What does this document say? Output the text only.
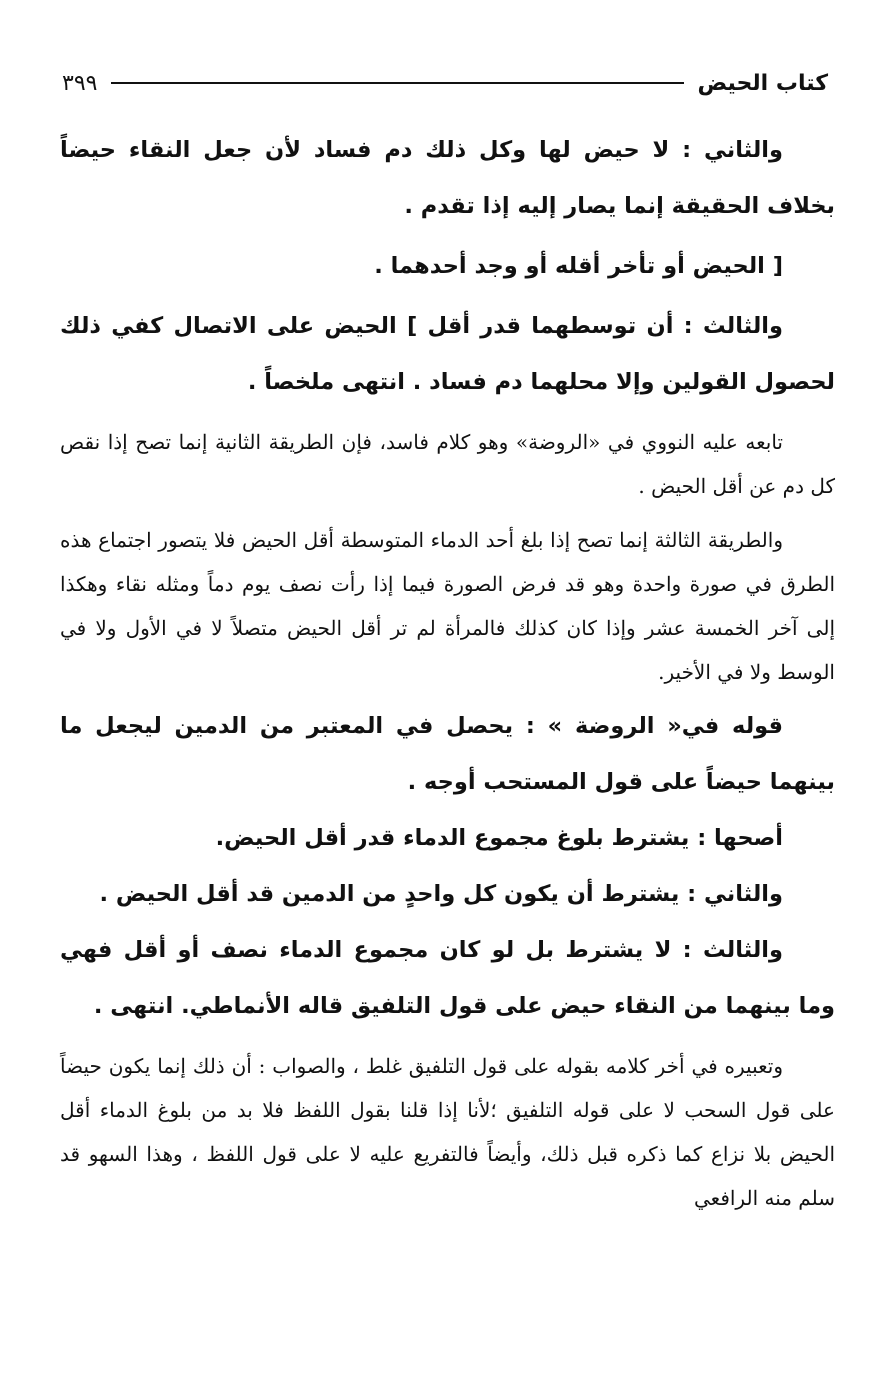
كتاب الحيض
٣٩٩

والثاني : لا حيض لها وكل ذلك دم فساد لأن جعل النقاء حيضاً بخلاف الحقيقة إنما يصار إليه إذا تقدم .

[ الحيض أو تأخر أقله أو وجد أحدهما .

والثالث : أن توسطهما قدر أقل ] الحيض على الاتصال كفي ذلك لحصول القولين وإلا محلهما دم فساد . انتهى ملخصاً .

تابعه عليه النووي في «الروضة» وهو كلام فاسد، فإن الطريقة الثانية إنما تصح إذا نقص كل دم عن أقل الحيض .

والطريقة الثالثة إنما تصح إذا بلغ أحد الدماء المتوسطة أقل الحيض فلا يتصور اجتماع هذه الطرق في صورة واحدة وهو قد فرض الصورة فيما إذا رأت نصف يوم دماً ومثله نقاء وهكذا إلى آخر الخمسة عشر وإذا كان كذلك فالمرأة لم تر أقل الحيض متصلاً لا في الأول ولا في الوسط ولا في الأخير.

قوله في« الروضة » : يحصل في المعتبر من الدمين ليجعل ما بينهما حيضاً على قول المستحب أوجه .

أصحها : يشترط بلوغ مجموع الدماء قدر أقل الحيض.

والثاني : يشترط أن يكون كل واحدٍ من الدمين قد أقل الحيض .

والثالث : لا يشترط بل لو كان مجموع الدماء نصف أو أقل فهي وما بينهما من النقاء حيض على قول التلفيق قاله الأنماطي. انتهى .

وتعبيره في أخر كلامه بقوله على قول التلفيق غلط ، والصواب : أن ذلك إنما يكون حيضاً على قول السحب لا على قوله التلفيق ؛لأنا إذا قلنا بقول اللفظ فلا بد من بلوغ الدماء أقل الحيض بلا نزاع كما ذكره قبل ذلك، وأيضاً فالتفريع عليه لا على قول اللفظ ، وهذا السهو قد سلم منه الرافعي
